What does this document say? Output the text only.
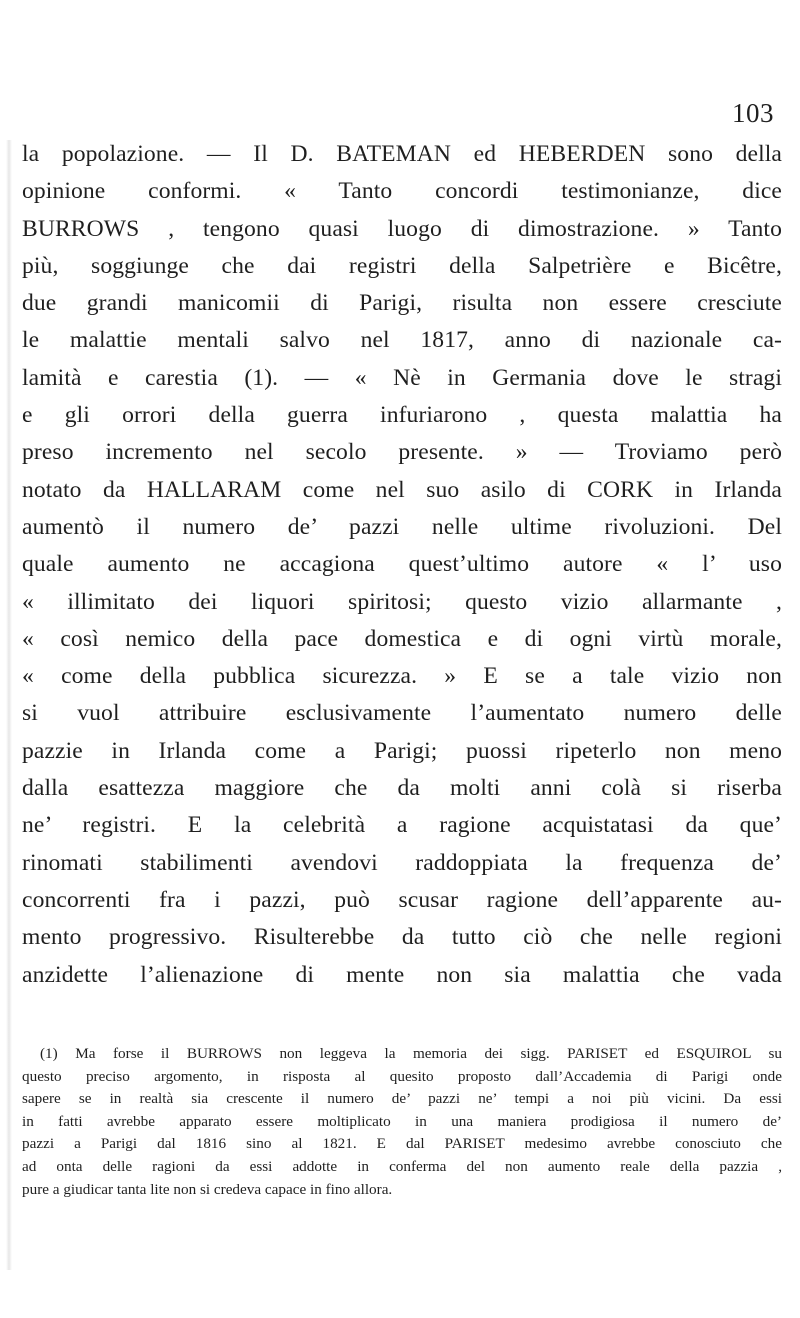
103
la popolazione. — Il D. BATEMAN ed HEBERDEN sono della
opinione conformi. « Tanto concordi testimonianze, dice
BURROWS , tengono quasi luogo di dimostrazione. » Tanto
più, soggiunge che dai registri della Salpetrière e Bicêtre,
due grandi manicomii di Parigi, risulta non essere cresciute
le malattie mentali salvo nel 1817, anno di nazionale ca-
lamità e carestia (1). — « Nè in Germania dove le stragi
e gli orrori della guerra infuriarono , questa malattia ha
preso incremento nel secolo presente. » — Troviamo però
notato da HALLARAM come nel suo asilo di CORK in Irlanda
aumentò il numero de’ pazzi nelle ultime rivoluzioni. Del
quale aumento ne accagiona quest’ultimo autore « l’ uso
« illimitato dei liquori spiritosi; questo vizio allarmante ,
« così nemico della pace domestica e di ogni virtù morale,
« come della pubblica sicurezza. » E se a tale vizio non
si vuol attribuire esclusivamente l’aumentato numero delle
pazzie in Irlanda come a Parigi; puossi ripeterlo non meno
dalla esattezza maggiore che da molti anni colà si riserba
ne’ registri. E la celebrità a ragione acquistatasi da que’
rinomati stabilimenti avendovi raddoppiata la frequenza de’
concorrenti fra i pazzi, può scusar ragione dell’apparente au-
mento progressivo. Risulterebbe da tutto ciò che nelle regioni
anzidette l’alienazione di mente non sia malattia che vada
(1) Ma forse il BURROWS non leggeva la memoria dei sigg. PARISET ed ESQUIROL su
questo preciso argomento, in risposta al quesito proposto dall’Accademia di Parigi onde
sapere se in realtà sia crescente il numero de’ pazzi ne’ tempi a noi più vicini. Da essi
in fatti avrebbe apparato essere moltiplicato in una maniera prodigiosa il numero de’
pazzi a Parigi dal 1816 sino al 1821. E dal PARISET medesimo avrebbe conosciuto che
ad onta delle ragioni da essi addotte in conferma del non aumento reale della pazzia ,
pure a giudicar tanta lite non si credeva capace in fino allora.
